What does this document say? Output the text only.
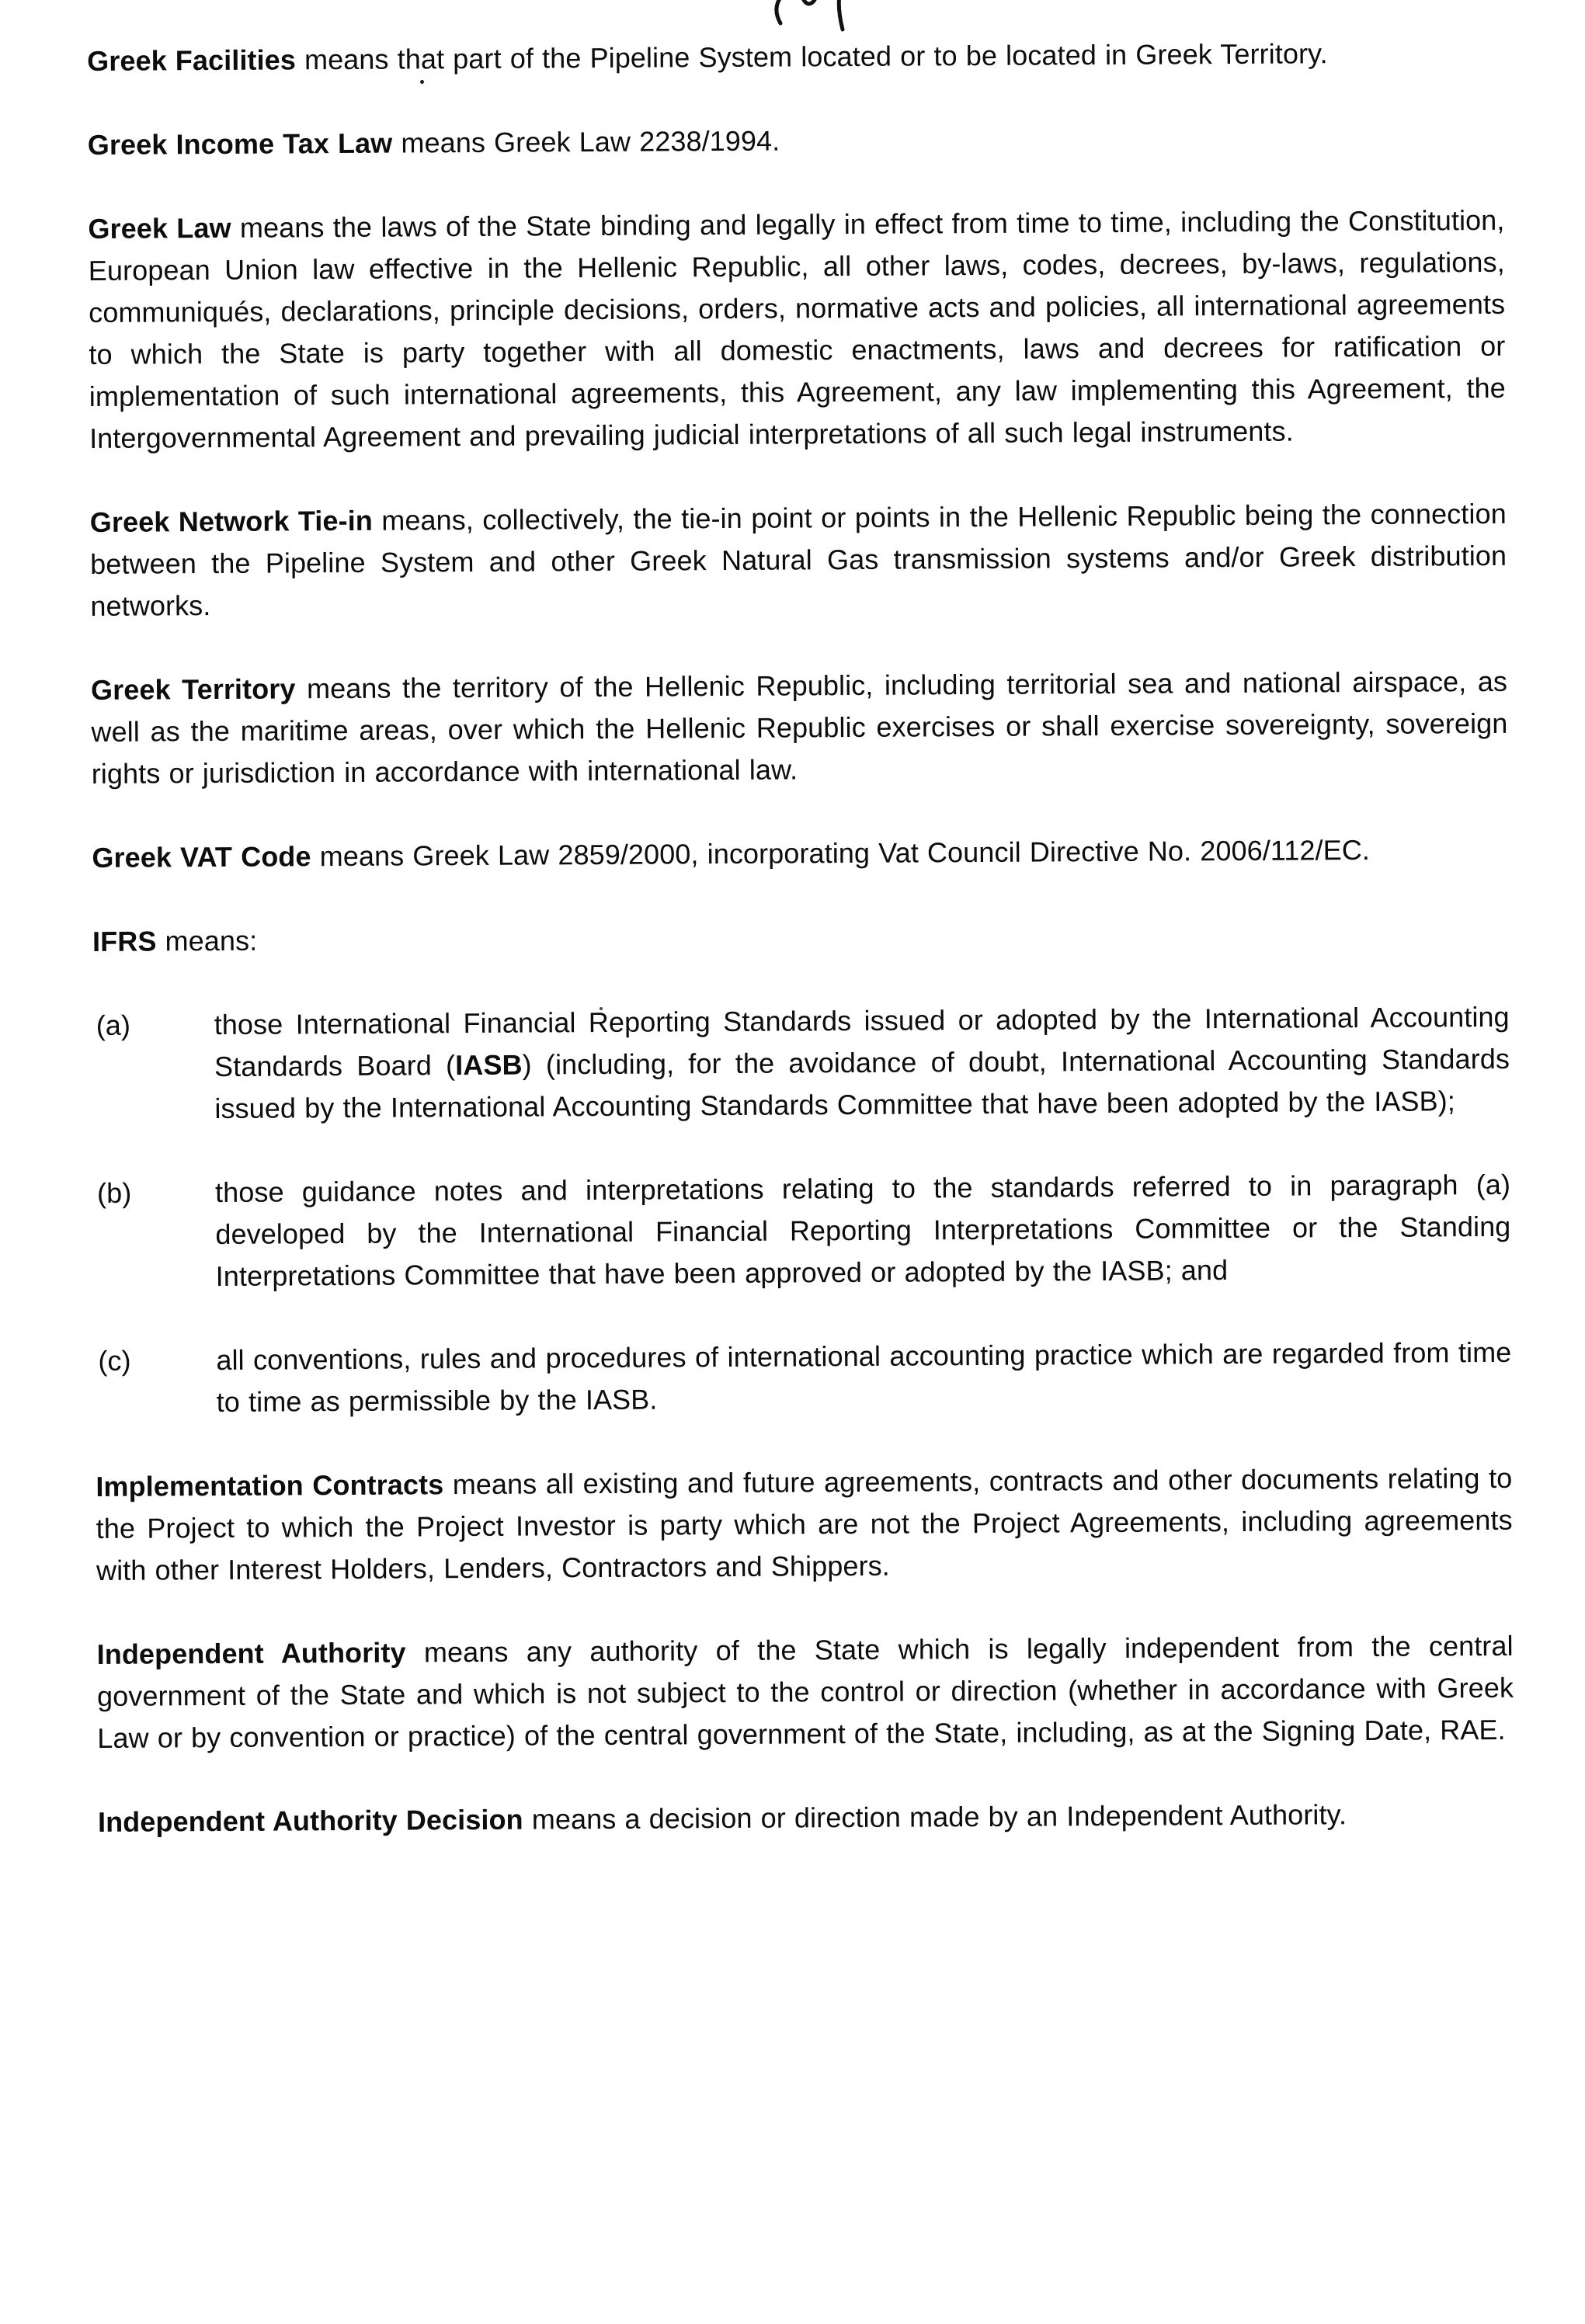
Greek Facilities means that part of the Pipeline System located or to be located in Greek Territory.

Greek Income Tax Law means Greek Law 2238/1994.

Greek Law means the laws of the State binding and legally in effect from time to time, including the Constitution, European Union law effective in the Hellenic Republic, all other laws, codes, decrees, by-laws, regulations, communiqués, declarations, principle decisions, orders, normative acts and policies, all international agreements to which the State is party together with all domestic enactments, laws and decrees for ratification or implementation of such international agreements, this Agreement, any law implementing this Agreement, the Intergovernmental Agreement and prevailing judicial interpretations of all such legal instruments.

Greek Network Tie-in means, collectively, the tie-in point or points in the Hellenic Republic being the connection between the Pipeline System and other Greek Natural Gas transmission systems and/or Greek distribution networks.

Greek Territory means the territory of the Hellenic Republic, including territorial sea and national airspace, as well as the maritime areas, over which the Hellenic Republic exercises or shall exercise sovereignty, sovereign rights or jurisdiction in accordance with international law.

Greek VAT Code means Greek Law 2859/2000, incorporating Vat Council Directive No. 2006/112/EC.

IFRS means:

(a)	those International Financial Reporting Standards issued or adopted by the International Accounting Standards Board (IASB) (including, for the avoidance of doubt, International Accounting Standards issued by the International Accounting Standards Committee that have been adopted by the IASB);
(b)	those guidance notes and interpretations relating to the standards referred to in paragraph (a) developed by the International Financial Reporting Interpretations Committee or the Standing Interpretations Committee that have been approved or adopted by the IASB; and
(c)	all conventions, rules and procedures of international accounting practice which are regarded from time to time as permissible by the IASB.

Implementation Contracts means all existing and future agreements, contracts and other documents relating to the Project to which the Project Investor is party which are not the Project Agreements, including agreements with other Interest Holders, Lenders, Contractors and Shippers.

Independent Authority means any authority of the State which is legally independent from the central government of the State and which is not subject to the control or direction (whether in accordance with Greek Law or by convention or practice) of the central government of the State, including, as at the Signing Date, RAE.

Independent Authority Decision means a decision or direction made by an Independent Authority.
